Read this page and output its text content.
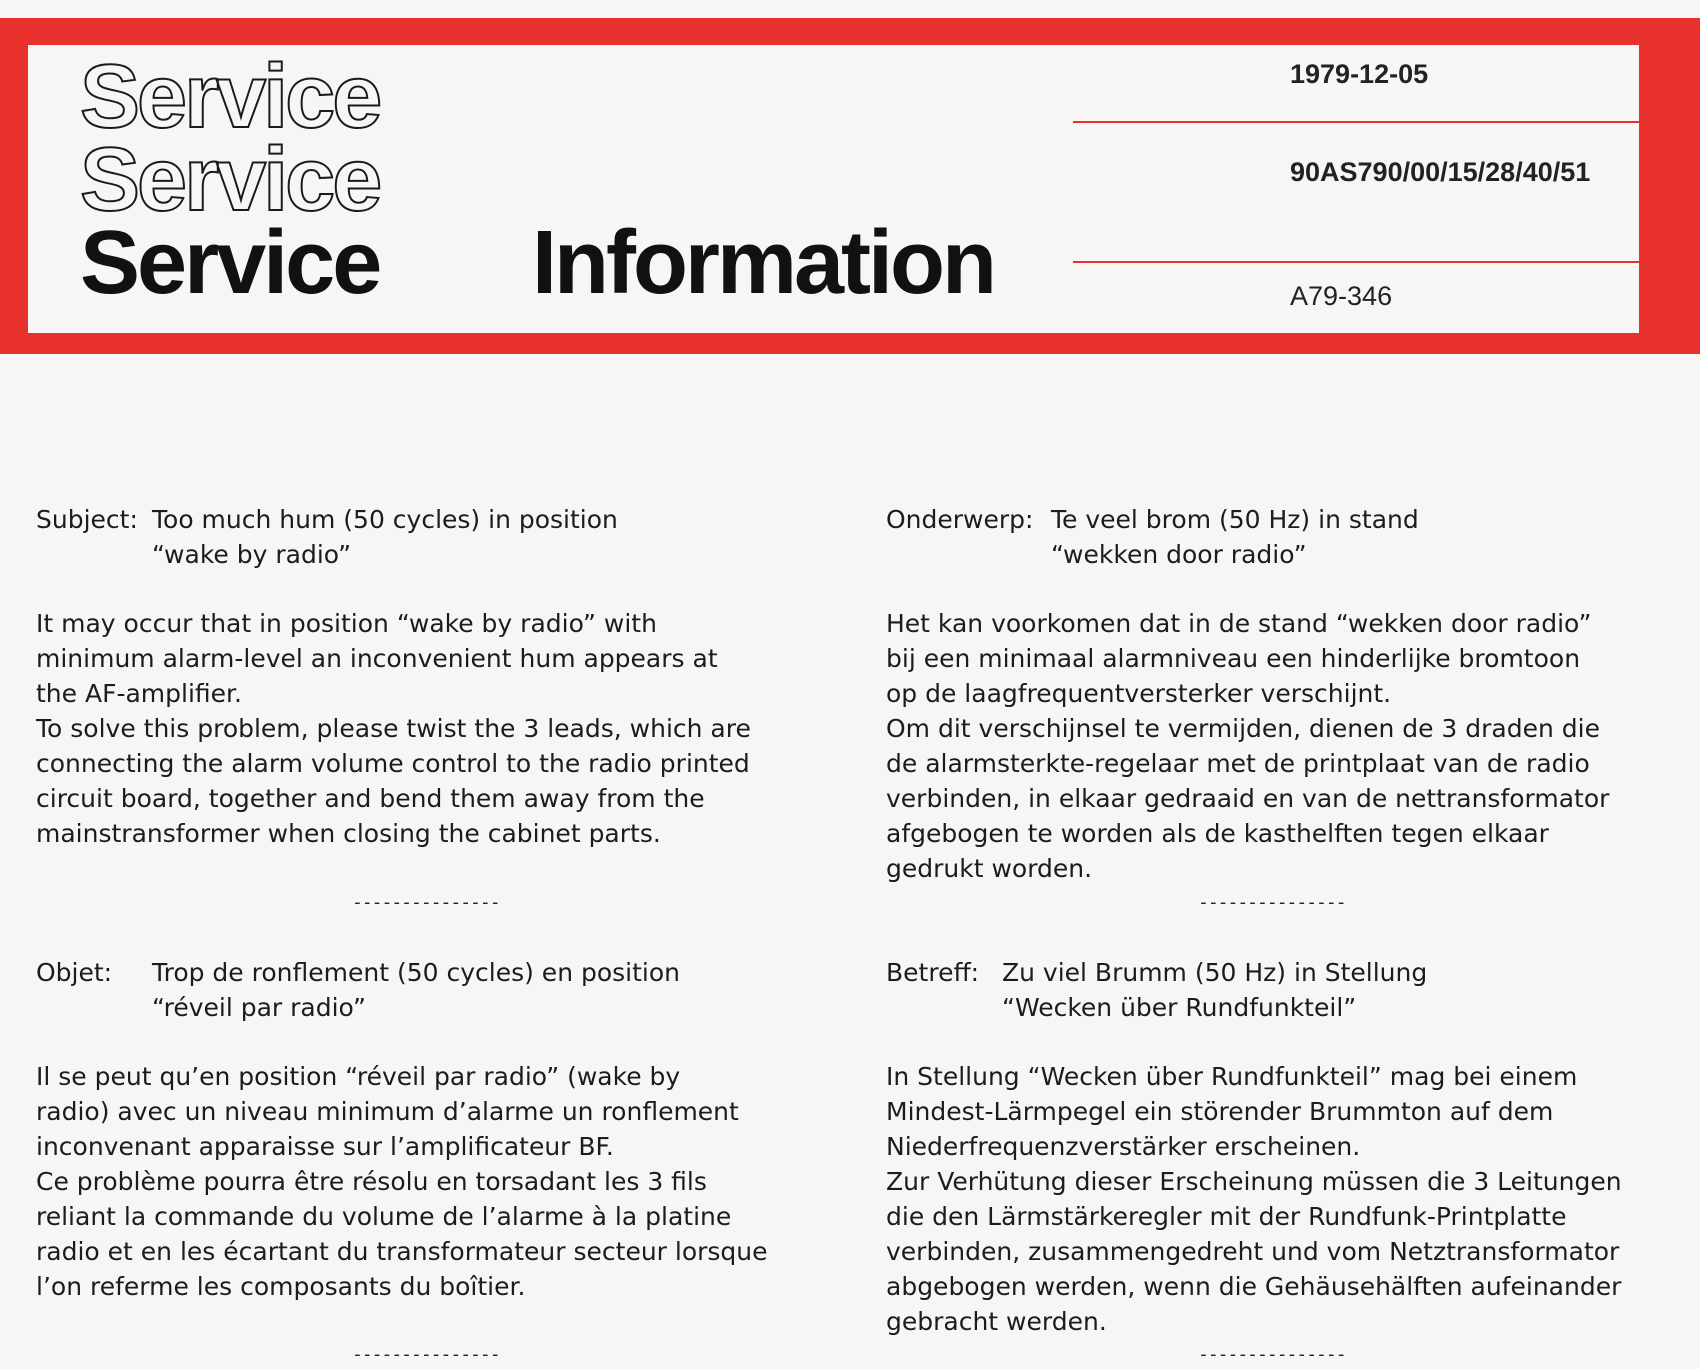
Service
Service
Service Information
1979-12-05
90AS790/00/15/28/40/51
A79-346
Subject: Too much hum (50 cycles) in position
“wake by radio”

It may occur that in position “wake by radio” with
minimum alarm-level an inconvenient hum appears at
the AF-amplifier.
To solve this problem, please twist the 3 leads, which are
connecting the alarm volume control to the radio printed
circuit board, together and bend them away from the
mainstransformer when closing the cabinet parts.

---------------
Onderwerp: Te veel brom (50 Hz) in stand
“wekken door radio”

Het kan voorkomen dat in de stand “wekken door radio”
bij een minimaal alarmniveau een hinderlijke bromtoon
op de laagfrequentversterker verschijnt.
Om dit verschijnsel te vermijden, dienen de 3 draden die
de alarmsterkte-regelaar met de printplaat van de radio
verbinden, in elkaar gedraaid en van de nettransformator
afgebogen te worden als de kasthelften tegen elkaar
gedrukt worden.

---------------
Objet:	Trop de ronflement (50 cycles) en position
“réveil par radio”

Il se peut qu’en position “réveil par radio” (wake by
radio) avec un niveau minimum d’alarme un ronflement
inconvenant apparaisse sur l’amplificateur BF.
Ce problème pourra être résolu en torsadant les 3 fils
reliant la commande du volume de l’alarme à la platine
radio et en les écartant du transformateur secteur lorsque
l’on referme les composants du boîtier.

---------------
Betreff: Zu viel Brumm (50 Hz) in Stellung
“Wecken über Rundfunkteil”

In Stellung “Wecken über Rundfunkteil” mag bei einem
Mindest-Lärmpegel ein störender Brummton auf dem
Niederfrequenzverstärker erscheinen.
Zur Verhütung dieser Erscheinung müssen die 3 Leitungen
die den Lärmstärkeregler mit der Rundfunk-Printplatte
verbinden, zusammengedreht und vom Netztransformator
abgebogen werden, wenn die Gehäusehälften aufeinander
gebracht werden.

---------------
